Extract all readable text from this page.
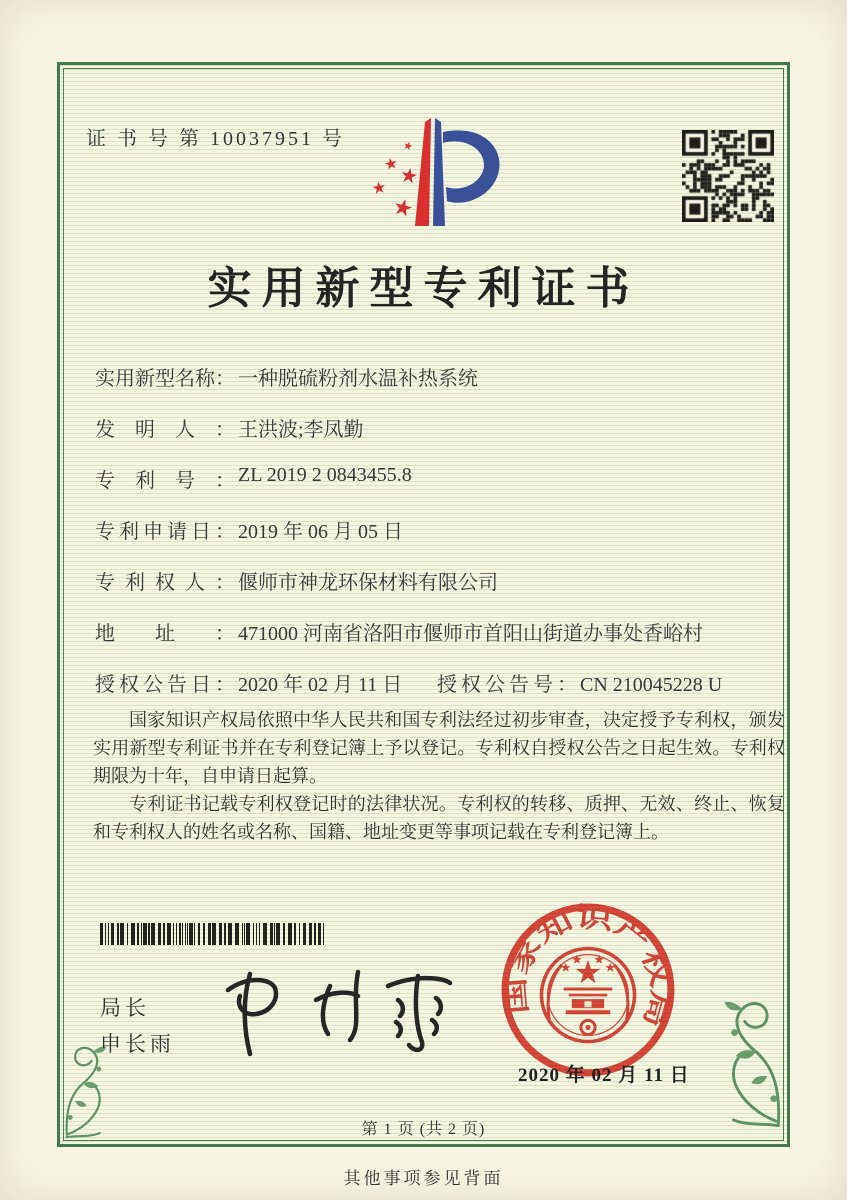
证 书 号 第 10037951 号
实用新型专利证书
实用新型名称： 一种脱硫粉剂水温补热系统
发明人： 王洪波;李凤勤
专利号： ZL 2019 2 0843455.8
专利申请日： 2019 年 06 月 05 日
专利权人： 偃师市神龙环保材料有限公司
地址： 471000 河南省洛阳市偃师市首阳山街道办事处香峪村
授权公告日： 2020 年 02 月 11 日 授权公告号： CN 210045228 U

国家知识产权局依照中华人民共和国专利法经过初步审查，决定授予专利权，颁发实用新型专利证书并在专利登记簿上予以登记。专利权自授权公告之日起生效。专利权期限为十年，自申请日起算。

专利证书记载专利权登记时的法律状况。专利权的转移、质押、无效、终止、恢复和专利权人的姓名或名称、国籍、地址变更等事项记载在专利登记簿上。

局长
申长雨
国家知识产权局
2020 年 02 月 11 日
第 1 页 (共 2 页)
其他事项参见背面
